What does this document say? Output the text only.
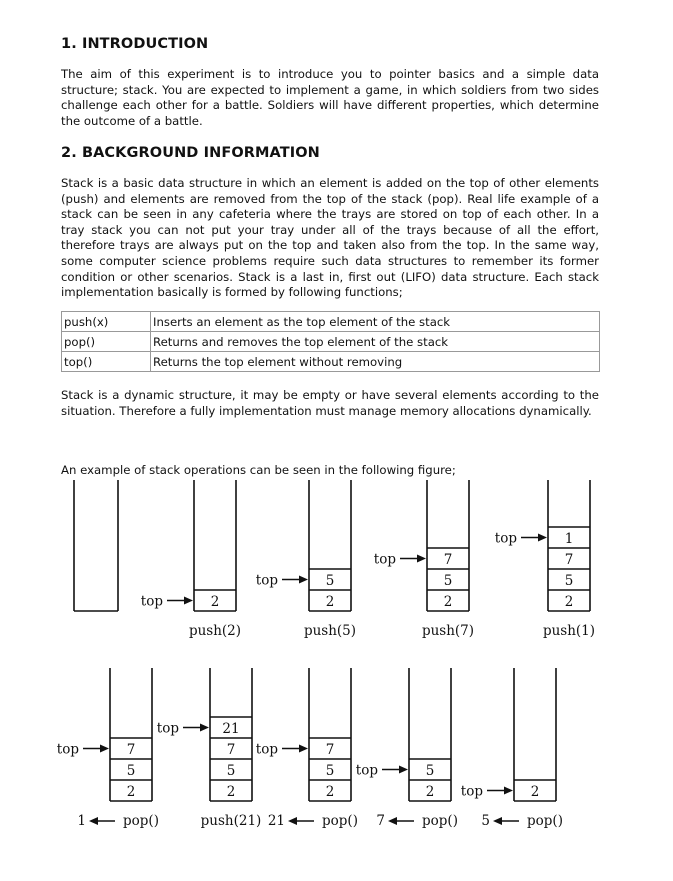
1. INTRODUCTION

The aim of this experiment is to introduce you to pointer basics and a simple data structure; stack. You are expected to implement a game, in which soldiers from two sides challenge each other for a battle. Soldiers will have different properties, which determine the outcome of a battle.

2. BACKGROUND INFORMATION

Stack is a basic data structure in which an element is added on the top of other elements (push) and elements are removed from the top of the stack (pop). Real life example of a stack can be seen in any cafeteria where the trays are stored on top of each other. In a tray stack you can not put your tray under all of the trays because of all the effort, therefore trays are always put on the top and taken also from the top. In the same way, some computer science problems require such data structures to remember its former condition or other scenarios. Stack is a last in, first out (LIFO) data structure. Each stack implementation basically is formed by following functions;

push(x)	Inserts an element as the top element of the stack
pop()	Returns and removes the top element of the stack
top()	Returns the top element without removing

Stack is a dynamic structure, it may be empty or have several elements according to the situation. Therefore a fully implementation must manage memory allocations dynamically.

An example of stack operations can be seen in the following figure;

2
top
push(2)
2
5
top
push(5)
2
5
7
top
push(7)
2
5
7
1
top
push(1)
2
5
7
top
pop()
1
2
5
7
21
top
push(21)
2
5
7
top
pop()
21
2
5
top
pop()
7
2
top
pop()
5
